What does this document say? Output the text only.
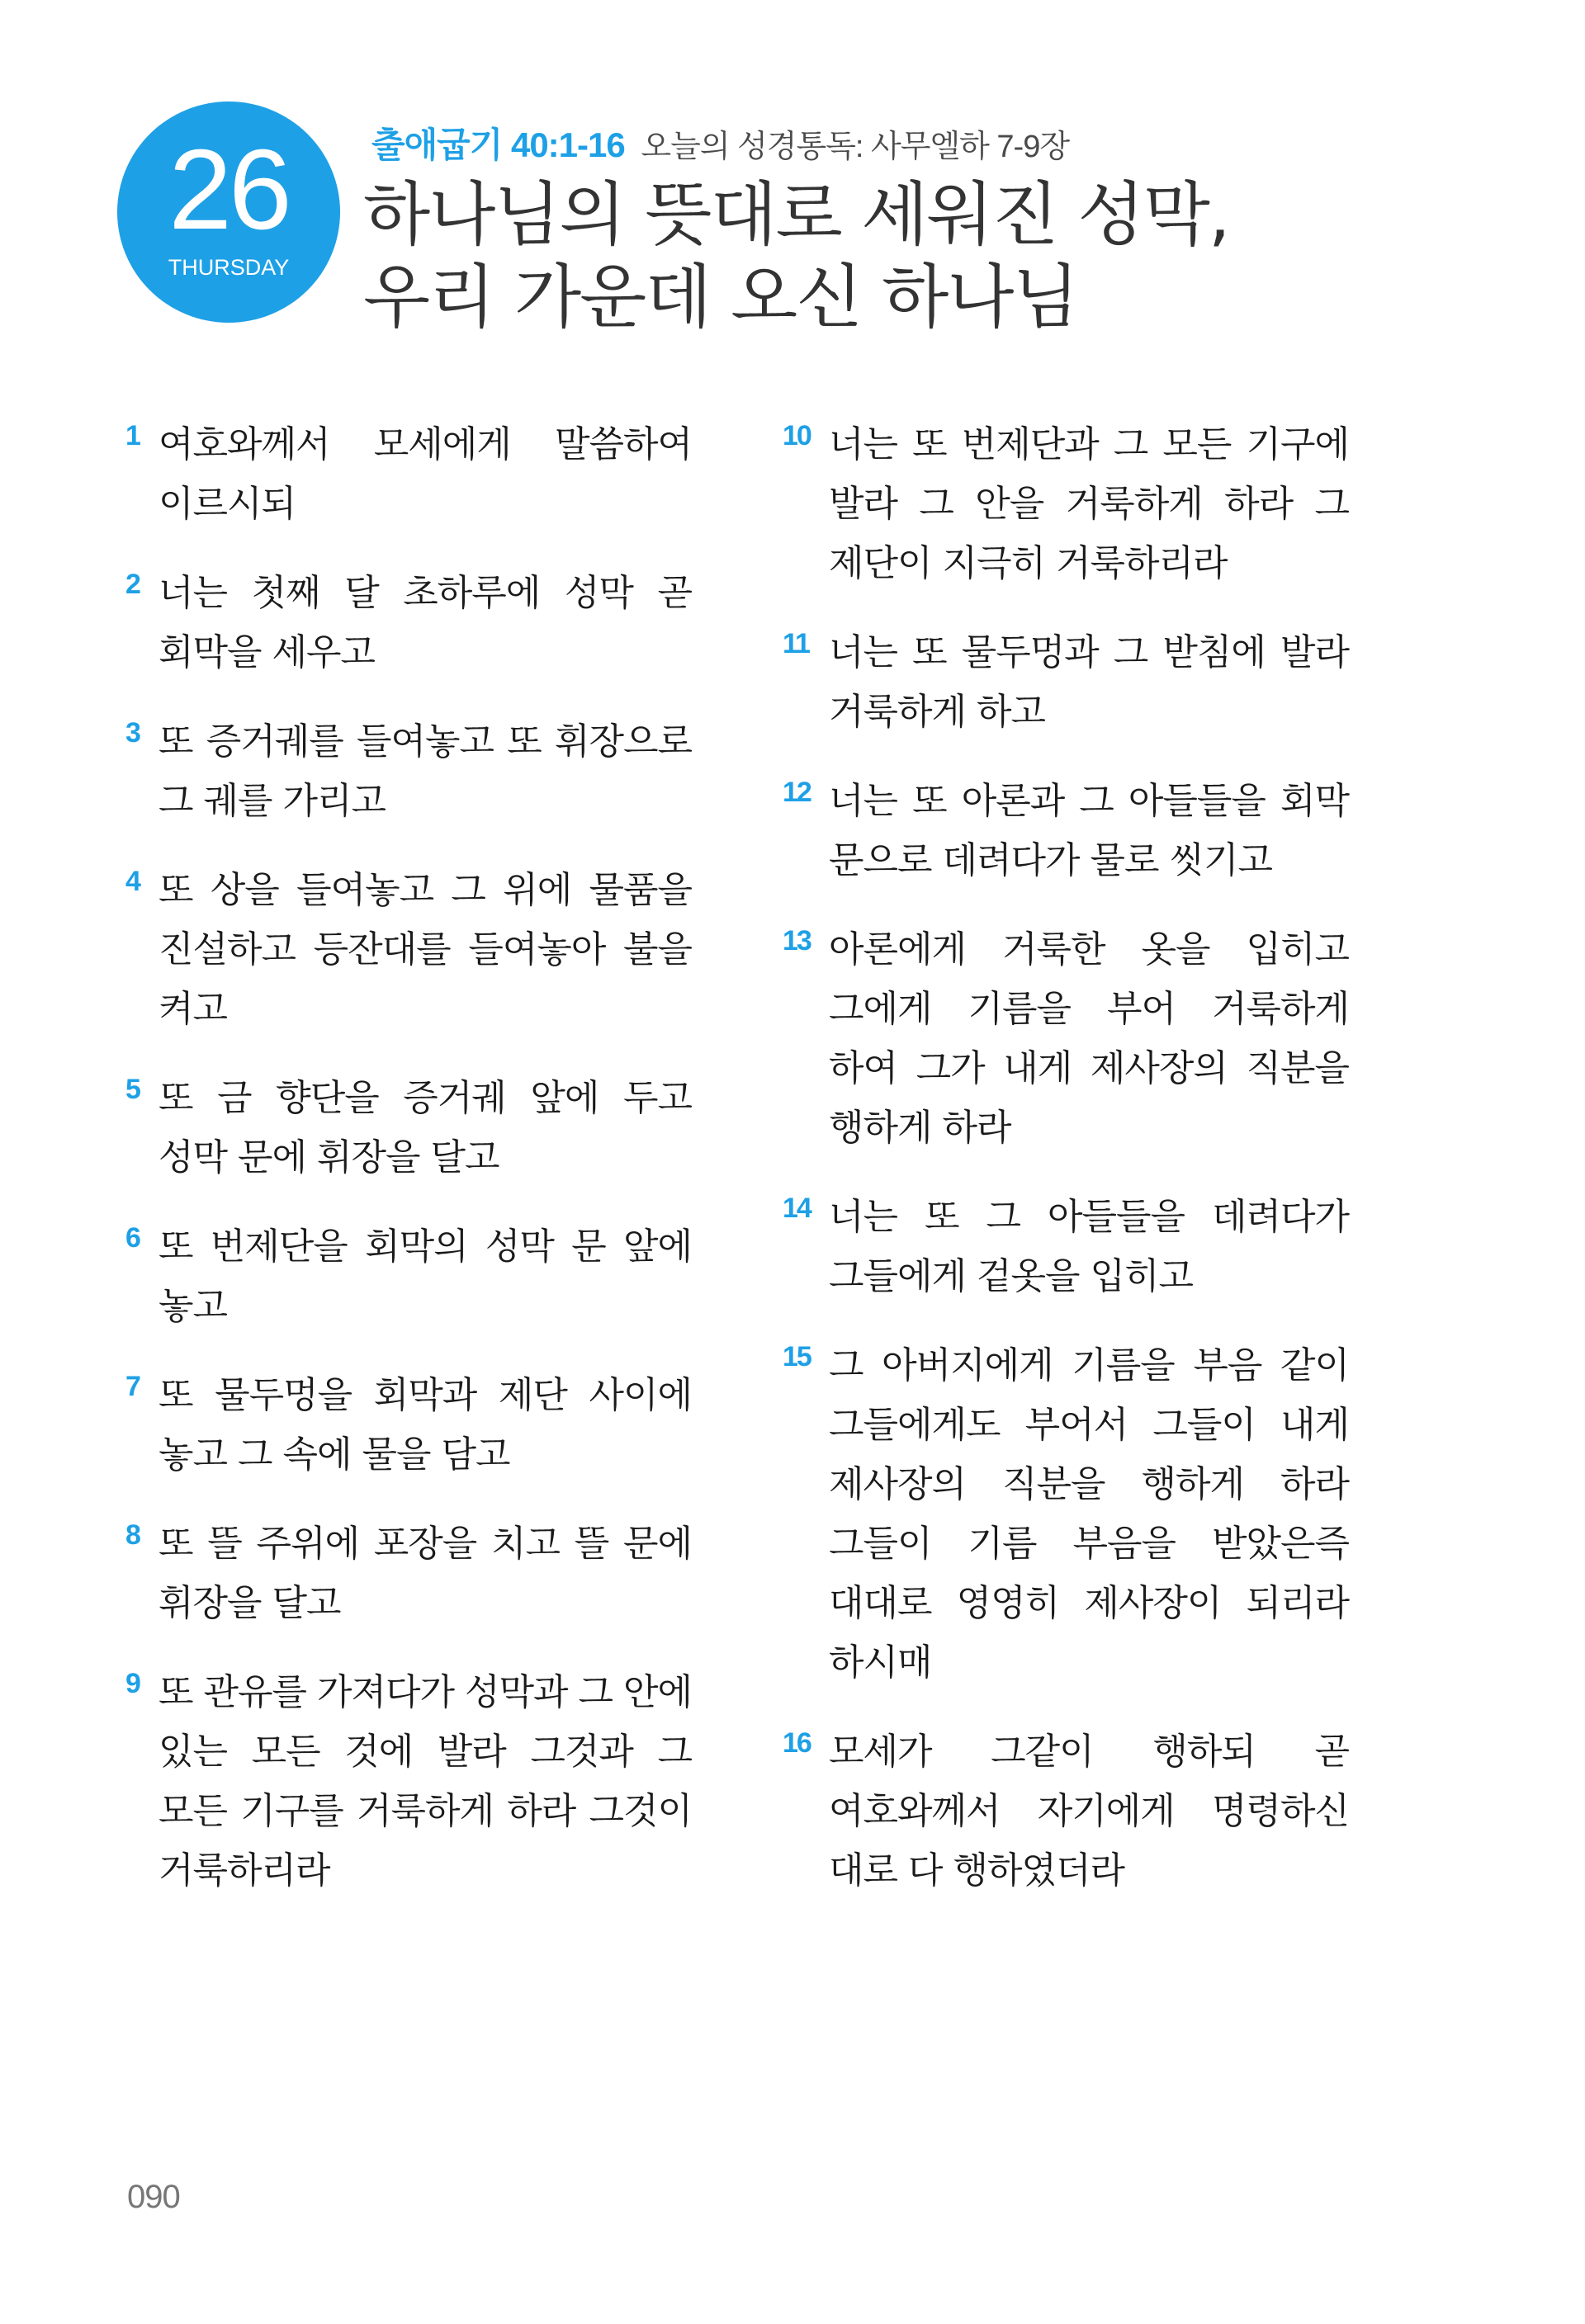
26
THURSDAY
출애굽기 40:1-16 오늘의 성경통독: 사무엘하 7-9장
하나님의 뜻대로 세워진 성막,
우리 가운데 오신 하나님
1 여호와께서 모세에게 말씀하여 이르시되
2 너는 첫째 달 초하루에 성막 곧 회막을 세우고
3 또 증거궤를 들여놓고 또 휘장으로 그 궤를 가리고
4 또 상을 들여놓고 그 위에 물품을 진설하고 등잔대를 들여놓아 불을 켜고
5 또 금 향단을 증거궤 앞에 두고 성막 문에 휘장을 달고
6 또 번제단을 회막의 성막 문 앞에 놓고
7 또 물두멍을 회막과 제단 사이에 놓고 그 속에 물을 담고
8 또 뜰 주위에 포장을 치고 뜰 문에 휘장을 달고
9 또 관유를 가져다가 성막과 그 안에 있는 모든 것에 발라 그것과 그 모든 기구를 거룩하게 하라 그것이 거룩하리라
10 너는 또 번제단과 그 모든 기구에 발라 그 안을 거룩하게 하라 그 제단이 지극히 거룩하리라
11 너는 또 물두멍과 그 받침에 발라 거룩하게 하고
12 너는 또 아론과 그 아들들을 회막 문으로 데려다가 물로 씻기고
13 아론에게 거룩한 옷을 입히고 그에게 기름을 부어 거룩하게 하여 그가 내게 제사장의 직분을 행하게 하라
14 너는 또 그 아들들을 데려다가 그들에게 겉옷을 입히고
15 그 아버지에게 기름을 부음 같이 그들에게도 부어서 그들이 내게 제사장의 직분을 행하게 하라 그들이 기름 부음을 받았은즉 대대로 영영히 제사장이 되리라 하시매
16 모세가 그같이 행하되 곧 여호와께서 자기에게 명령하신 대로 다 행하였더라
090
